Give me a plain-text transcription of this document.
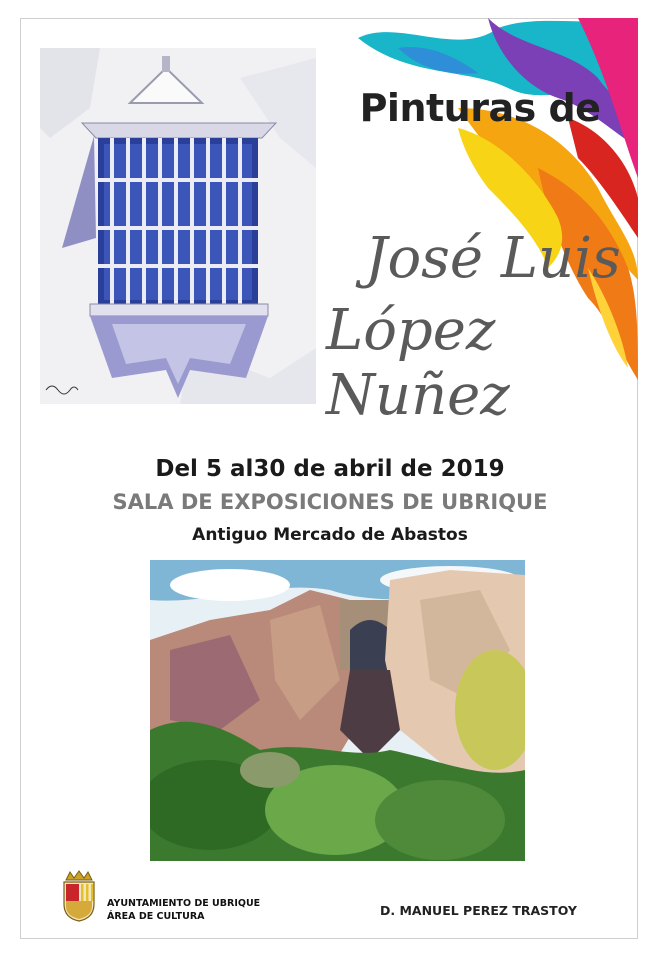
Pinturas de
José Luis
López Nuñez
Del 5 al30 de abril de 2019
SALA DE EXPOSICIONES DE UBRIQUE
Antiguo Mercado de Abastos
AYUNTAMIENTO DE UBRIQUE
ÁREA DE CULTURA	D. MANUEL PEREZ TRASTOY
